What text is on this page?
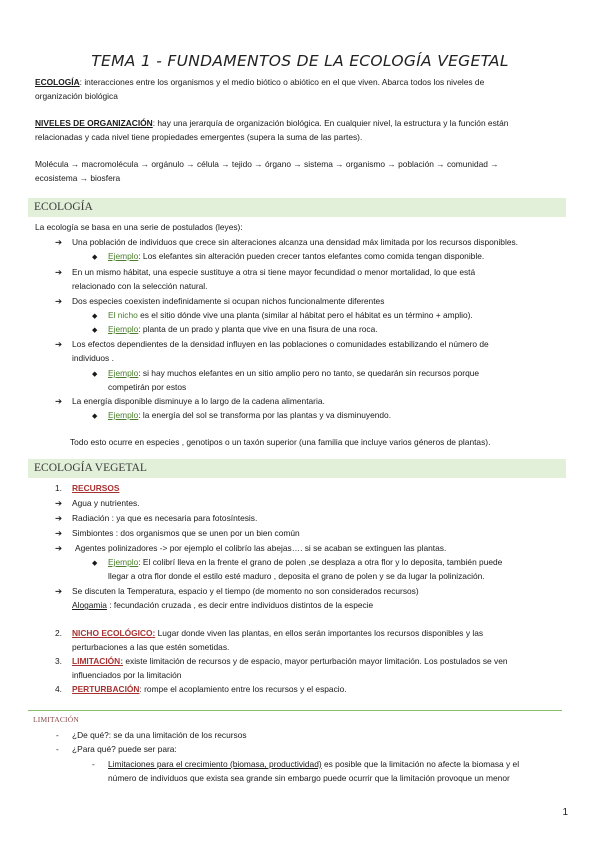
TEMA 1 - FUNDAMENTOS DE LA ECOLOGÍA VEGETAL
ECOLOGÍA: interacciones entre los organismos y el medio biótico o abiótico en el que viven. Abarca todos los niveles de
organización biológica
NIVELES DE ORGANIZACIÓN: hay una jerarquía de organización biológica. En cualquier nivel, la estructura y la función están
relacionadas y cada nivel tiene propiedades emergentes (supera la suma de las partes).
Molécula → macromolécula → orgánulo → célula → tejido → órgano → sistema → organismo → población → comunidad →
ecosistema → biosfera
ECOLOGÍA
La ecología se basa en una serie de postulados (leyes):
➔ Una población de individuos que crece sin alteraciones alcanza una densidad máx limitada por los recursos disponibles.
◆ Ejemplo: Los elefantes sin alteración pueden crecer tantos elefantes como comida tengan disponible.
➔ En un mismo hábitat, una especie sustituye a otra si tiene mayor fecundidad o menor mortalidad, lo que está
relacionado con la selección natural.
➔ Dos especies coexisten indefinidamente si ocupan nichos funcionalmente diferentes
◆ El nicho es el sitio dónde vive una planta (similar al hábitat pero el hábitat es un término + amplio).
◆ Ejemplo: planta de un prado y planta que vive en una fisura de una roca.
➔ Los efectos dependientes de la densidad influyen en las poblaciones o comunidades estabilizando el número de
individuos .
◆ Ejemplo: si hay muchos elefantes en un sitio amplio pero no tanto, se quedarán sin recursos porque
competirán por estos
➔ La energía disponible disminuye a lo largo de la cadena alimentaria.
◆ Ejemplo: la energía del sol se transforma por las plantas y va disminuyendo.
Todo esto ocurre en especies , genotipos o un taxón superior (una familia que incluye varios géneros de plantas).
ECOLOGÍA VEGETAL
1. RECURSOS
➔ Agua y nutrientes.
➔ Radiación : ya que es necesaria para fotosíntesis.
➔ Simbiontes : dos organismos que se unen por un bien común
➔ Agentes polinizadores -> por ejemplo el colibrío las abejas…. si se acaban se extinguen las plantas.
◆ Ejemplo: El colibrí lleva en la frente el grano de polen ,se desplaza a otra flor y lo deposita, también puede
llegar a otra flor donde el estilo esté maduro , deposita el grano de polen y se da lugar la polinización.
➔ Se discuten la Temperatura, espacio y el tiempo (de momento no son considerados recursos)
Alogamia : fecundación cruzada , es decir entre individuos distintos de la especie
2. NICHO ECOLÓGICO: Lugar donde viven las plantas, en ellos serán importantes los recursos disponibles y las
perturbaciones a las que estén sometidas.
3. LIMITACIÓN: existe limitación de recursos y de espacio, mayor perturbación mayor limitación. Los postulados se ven
influenciados por la limitación
4. PERTURBACIÓN: rompe el acoplamiento entre los recursos y el espacio.
LIMITACIÓN
- ¿De qué?: se da una limitación de los recursos
- ¿Para qué? puede ser para:
- Limitaciones para el crecimiento (biomasa, productividad) es posible que la limitación no afecte la biomasa y el
número de individuos que exista sea grande sin embargo puede ocurrir que la limitación provoque un menor
1
